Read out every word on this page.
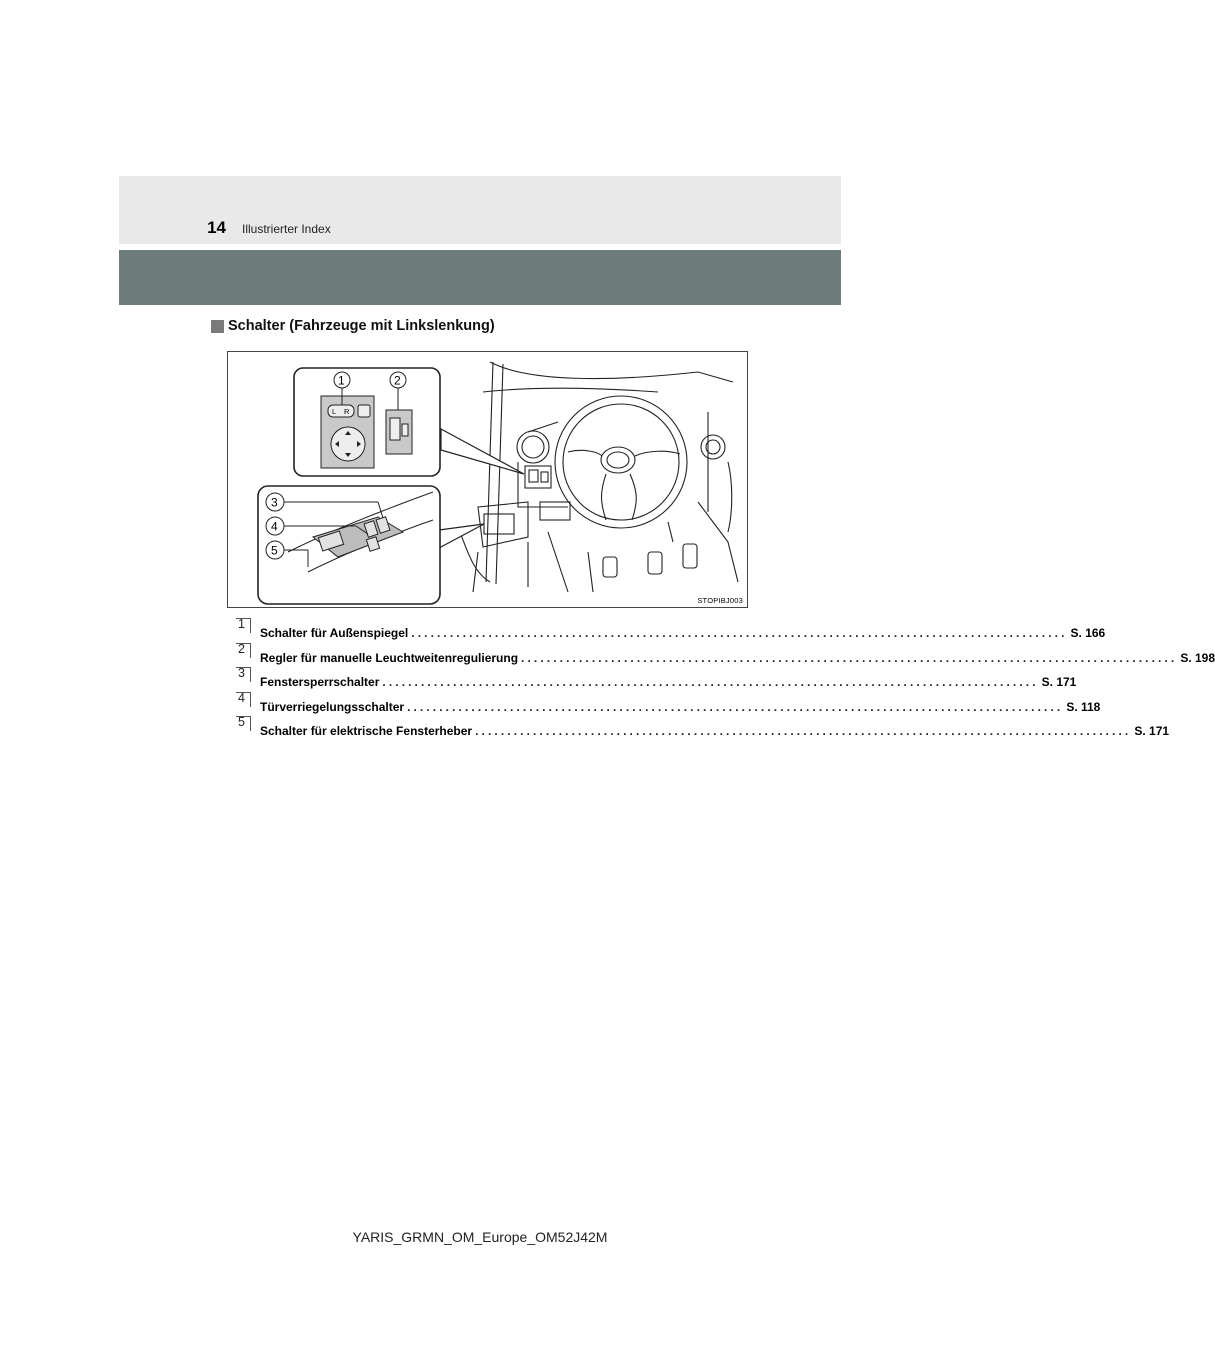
14 Illustrierter Index
Schalter (Fahrzeuge mit Linkslenkung)
L R
1	2
3
4
5
STOPIBJ003
1
Schalter für Außenspiegel ...................................................................................................... S. 166
2
Regler für manuelle Leuchtweitenregulierung ...................................................................................................... S. 198
3
Fenstersperrschalter ...................................................................................................... S. 171
4
Türverriegelungsschalter ...................................................................................................... S. 118
5
Schalter für elektrische Fensterheber ...................................................................................................... S. 171
YARIS_GRMN_OM_Europe_OM52J42M
